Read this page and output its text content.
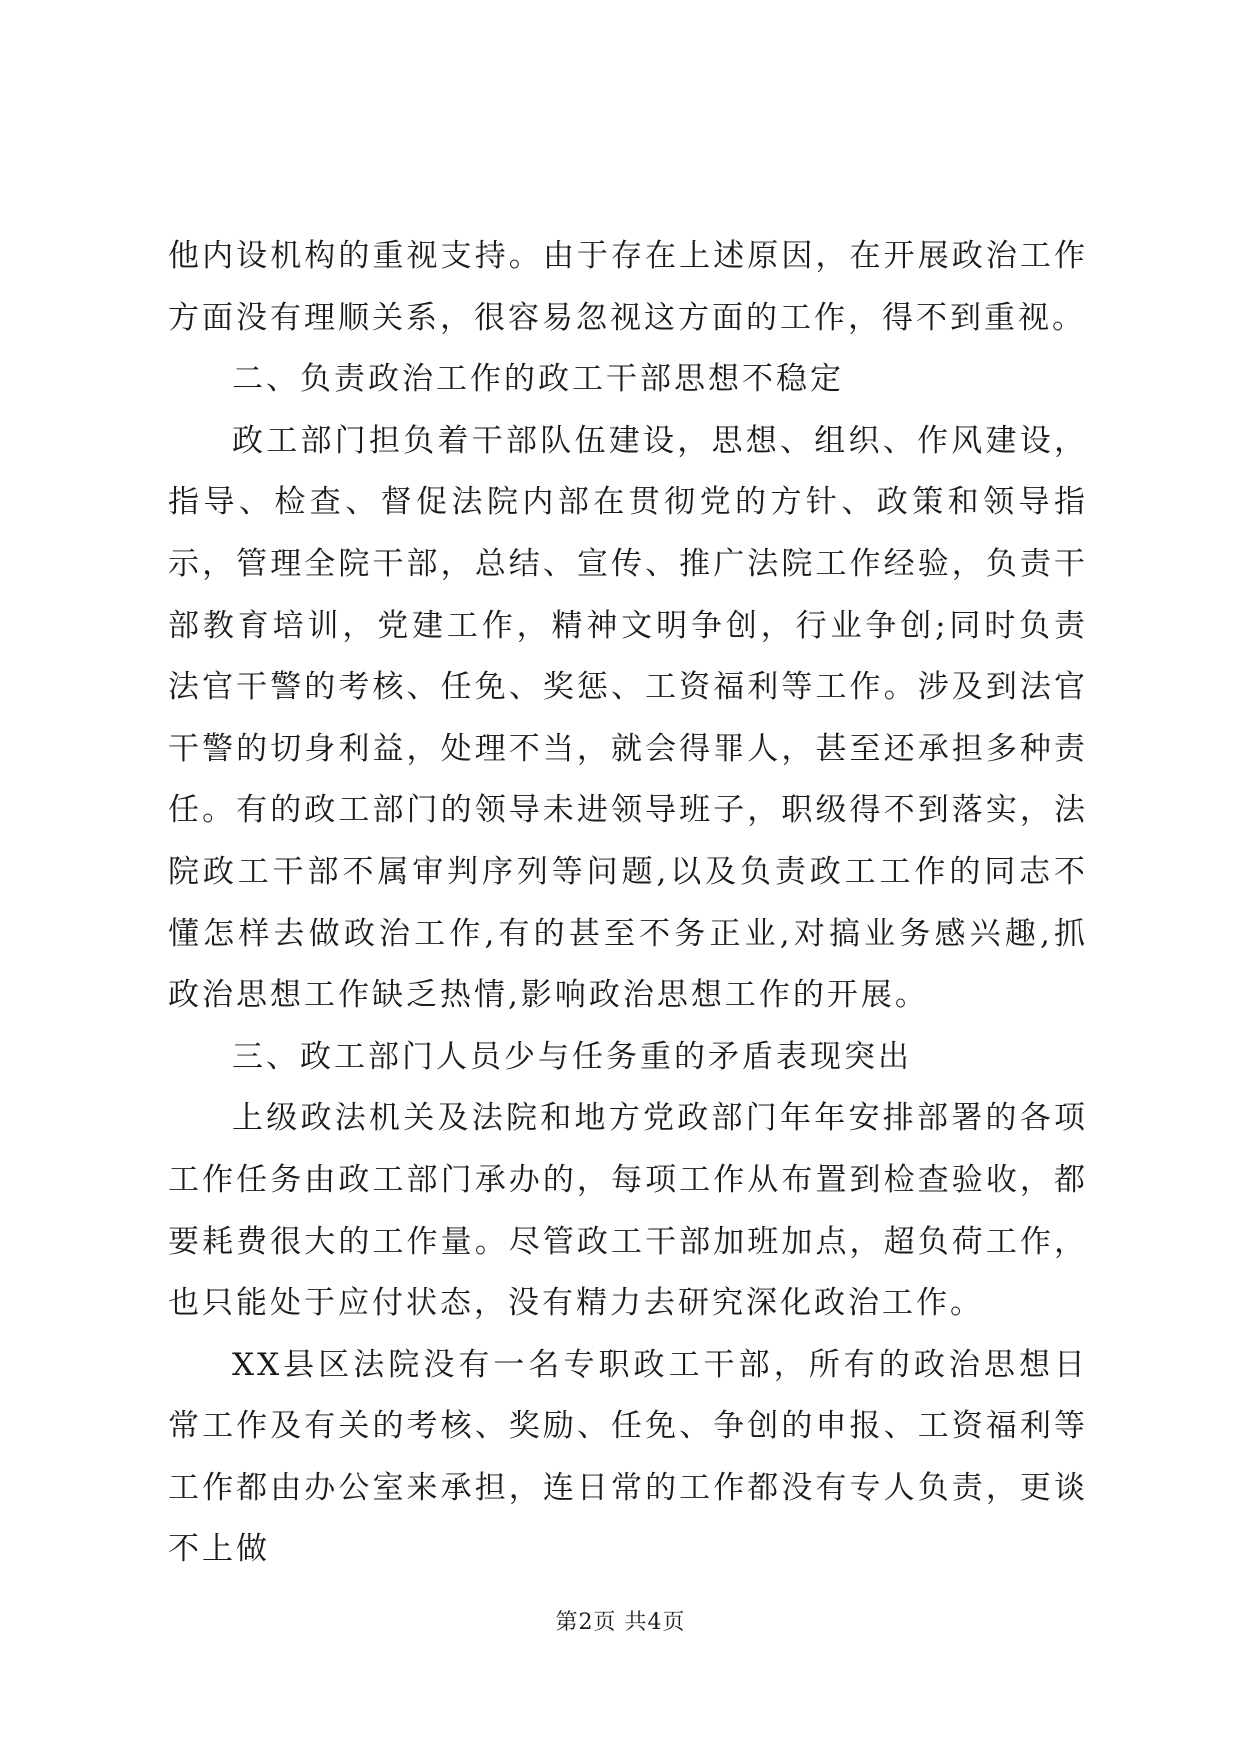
他内设机构的重视支持。由于存在上述原因，在开展政治工作方面没有理顺关系，很容易忽视这方面的工作，得不到重视。

二、负责政治工作的政工干部思想不稳定

政工部门担负着干部队伍建设，思想、组织、作风建设，指导、检查、督促法院内部在贯彻党的方针、政策和领导指示，管理全院干部，总结、宣传、推广法院工作经验，负责干部教育培训，党建工作，精神文明争创，行业争创;同时负责法官干警的考核、任免、奖惩、工资福利等工作。涉及到法官干警的切身利益，处理不当，就会得罪人，甚至还承担多种责任。有的政工部门的领导未进领导班子，职级得不到落实，法院政工干部不属审判序列等问题,以及负责政工工作的同志不懂怎样去做政治工作,有的甚至不务正业,对搞业务感兴趣,抓政治思想工作缺乏热情,影响政治思想工作的开展。

三、政工部门人员少与任务重的矛盾表现突出

上级政法机关及法院和地方党政部门年年安排部署的各项工作任务由政工部门承办的，每项工作从布置到检查验收，都要耗费很大的工作量。尽管政工干部加班加点，超负荷工作，也只能处于应付状态，没有精力去研究深化政治工作。

XX县区法院没有一名专职政工干部，所有的政治思想日常工作及有关的考核、奖励、任免、争创的申报、工资福利等工作都由办公室来承担，连日常的工作都没有专人负责，更谈不上做

第2页 共4页
